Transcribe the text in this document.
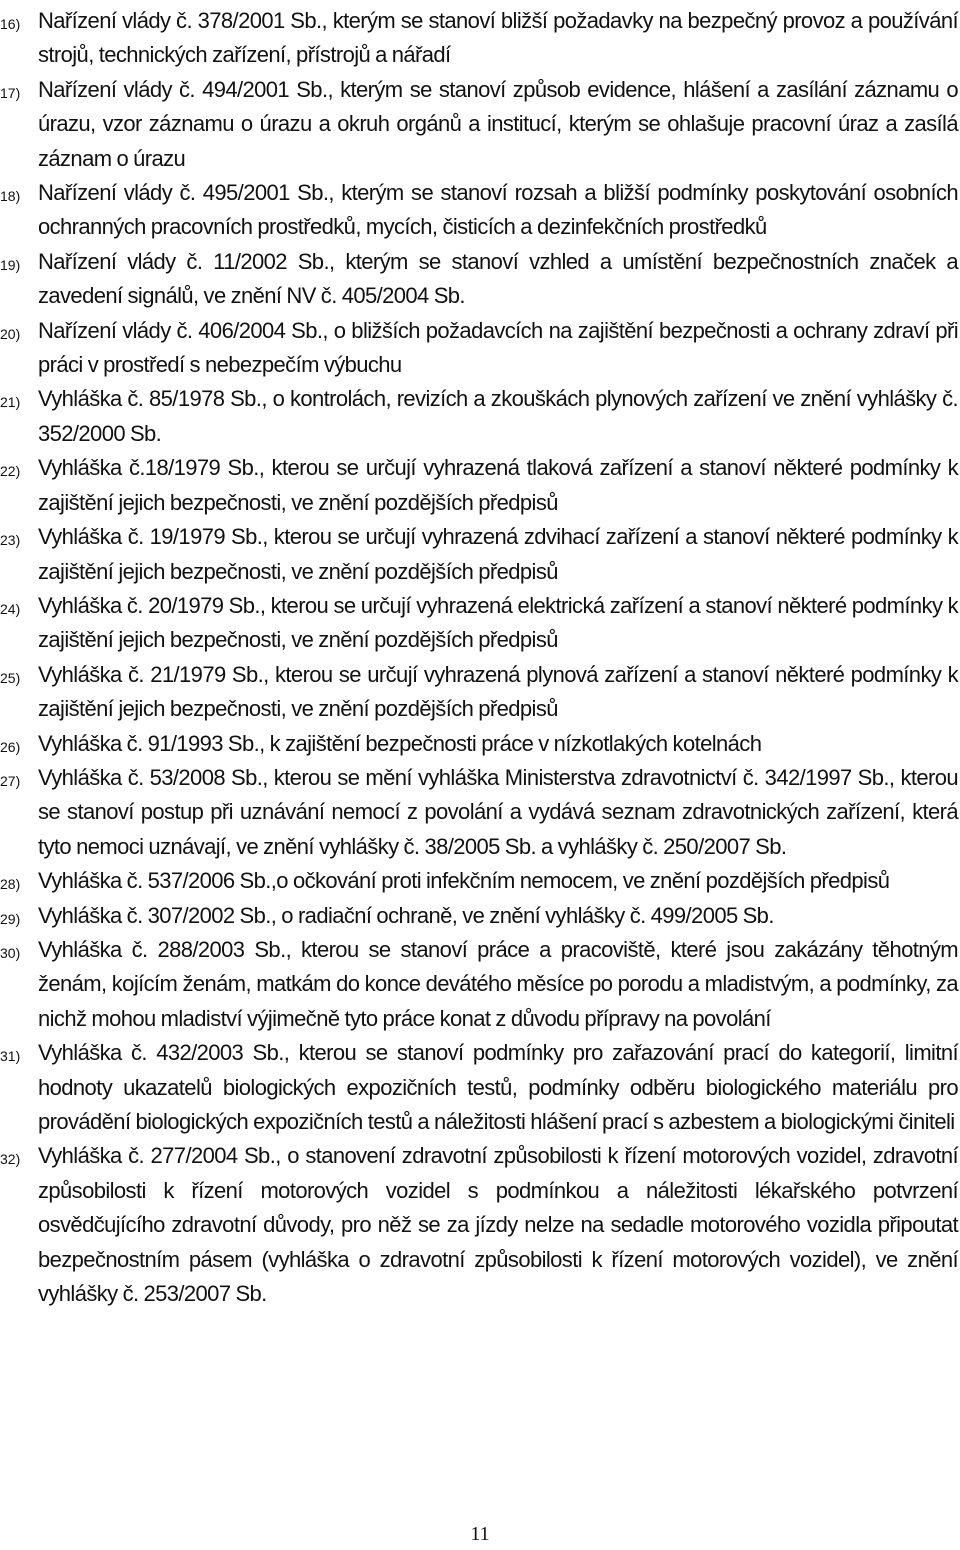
16) Nařízení vlády č. 378/2001 Sb., kterým se stanoví bližší požadavky na bezpečný provoz a používání strojů, technických zařízení, přístrojů a nářadí
17) Nařízení vlády č. 494/2001 Sb., kterým se stanoví způsob evidence, hlášení a zasílání záznamu o úrazu, vzor záznamu o úrazu a okruh orgánů a institucí, kterým se ohlašuje pracovní úraz a zasílá záznam o úrazu
18) Nařízení vlády č. 495/2001 Sb., kterým se stanoví rozsah a bližší podmínky poskytování osobních ochranných pracovních prostředků, mycích, čisticích a dezinfekčních prostředků
19) Nařízení vlády č. 11/2002 Sb., kterým se stanoví vzhled a umístění bezpečnostních značek a zavedení signálů, ve znění NV č. 405/2004 Sb.
20) Nařízení vlády č. 406/2004 Sb., o bližších požadavcích na zajištění bezpečnosti a ochrany zdraví při práci v prostředí s nebezpečím výbuchu
21) Vyhláška č. 85/1978 Sb., o kontrolách, revizích a zkouškách plynových zařízení ve znění vyhlášky č. 352/2000 Sb.
22) Vyhláška č.18/1979 Sb., kterou se určují vyhrazená tlaková zařízení a stanoví některé podmínky k zajištění jejich bezpečnosti, ve znění pozdějších předpisů
23) Vyhláška č. 19/1979 Sb., kterou se určují vyhrazená zdvihací zařízení a stanoví některé podmínky k zajištění jejich bezpečnosti, ve znění pozdějších předpisů
24) Vyhláška č. 20/1979 Sb., kterou se určují vyhrazená elektrická zařízení a stanoví některé podmínky k zajištění jejich bezpečnosti, ve znění pozdějších předpisů
25) Vyhláška č. 21/1979 Sb., kterou se určují vyhrazená plynová zařízení a stanoví některé podmínky k zajištění jejich bezpečnosti, ve znění pozdějších předpisů
26) Vyhláška č. 91/1993 Sb., k zajištění bezpečnosti práce v nízkotlakých kotelnách
27) Vyhláška č. 53/2008 Sb., kterou se mění vyhláška Ministerstva zdravotnictví č. 342/1997 Sb., kterou se stanoví postup při uznávání nemocí z povolání a vydává seznam zdravotnických zařízení, která tyto nemoci uznávají, ve znění vyhlášky č. 38/2005 Sb. a vyhlášky č. 250/2007 Sb.
28) Vyhláška č. 537/2006 Sb.,o očkování proti infekčním nemocem, ve znění pozdějších předpisů
29) Vyhláška č. 307/2002 Sb., o radiační ochraně, ve znění vyhlášky č. 499/2005 Sb.
30) Vyhláška č. 288/2003 Sb., kterou se stanoví práce a pracoviště, které jsou zakázány těhotným ženám, kojícím ženám, matkám do konce devátého měsíce po porodu a mladistvým, a podmínky, za nichž mohou mladiství výjimečně tyto práce konat z důvodu přípravy na povolání
31) Vyhláška č. 432/2003 Sb., kterou se stanoví podmínky pro zařazování prací do kategorií, limitní hodnoty ukazatelů biologických expozičních testů, podmínky odběru biologického materiálu pro provádění biologických expozičních testů a náležitosti hlášení prací s azbestem a biologickými činiteli
32) Vyhláška č. 277/2004 Sb., o stanovení zdravotní způsobilosti k řízení motorových vozidel, zdravotní způsobilosti k řízení motorových vozidel s podmínkou a náležitosti lékařského potvrzení osvědčujícího zdravotní důvody, pro něž se za jízdy nelze na sedadle motorového vozidla připoutat bezpečnostním pásem (vyhláška o zdravotní způsobilosti k řízení motorových vozidel), ve znění vyhlášky č. 253/2007 Sb.
11
